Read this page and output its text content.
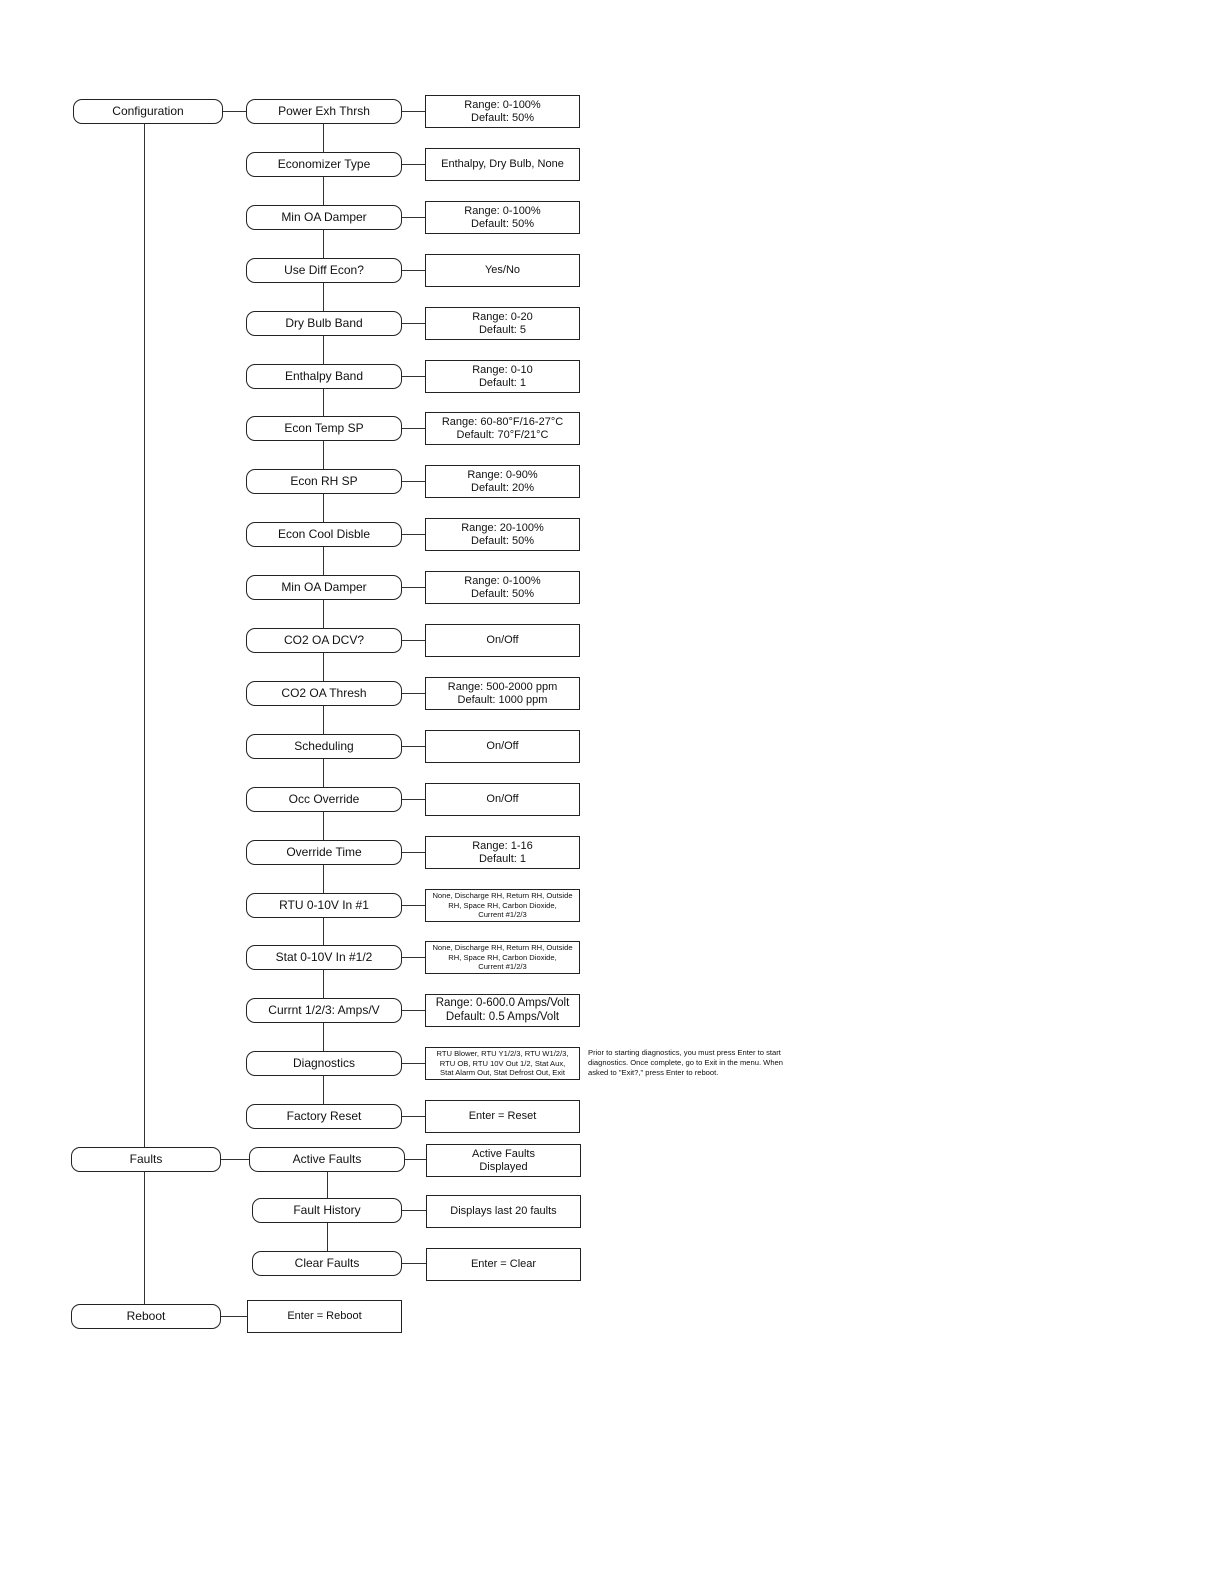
Configuration
Faults
Reboot
Power Exh Thrsh	Range: 0-100%
Default: 50%
Economizer Type	Enthalpy, Dry Bulb, None
Min OA Damper	Range: 0-100%
Default: 50%
Use Diff Econ?	Yes/No
Dry Bulb Band	Range: 0-20
Default: 5
Enthalpy Band	Range: 0-10
Default: 1
Econ Temp SP	Range: 60-80°F/16-27°C
Default: 70°F/21°C
Econ RH SP	Range: 0-90%
Default: 20%
Econ Cool Disble	Range: 20-100%
Default: 50%
Min OA Damper	Range: 0-100%
Default: 50%
CO2 OA DCV?	On/Off
CO2 OA Thresh	Range: 500-2000 ppm
Default: 1000 ppm
Scheduling	On/Off
Occ Override	On/Off
Override Time	Range: 1-16
Default: 1
RTU 0-10V In #1
None, Discharge RH, Return RH, Outside
RH, Space RH, Carbon Dioxide,
Current #1/2/3
Stat 0-10V In #1/2
None, Discharge RH, Return RH, Outside
RH, Space RH, Carbon Dioxide,
Current #1/2/3
Currnt 1/2/3: Amps/V
Range: 0-600.0 Amps/Volt
Default: 0.5 Amps/Volt
Diagnostics
RTU Blower, RTU Y1/2/3, RTU W1/2/3,
RTU OB, RTU 10V Out 1/2, Stat Aux,
Stat Alarm Out, Stat Defrost Out, Exit
Factory Reset	Enter = Reset
Prior to starting diagnostics, you must press Enter to start diagnostics. Once complete, go to Exit in the menu. When asked to "Exit?," press Enter to reboot.
Active Faults	Active Faults
Displayed
Fault History	Displays last 20 faults
Clear Faults	Enter = Clear
Enter = Reboot
